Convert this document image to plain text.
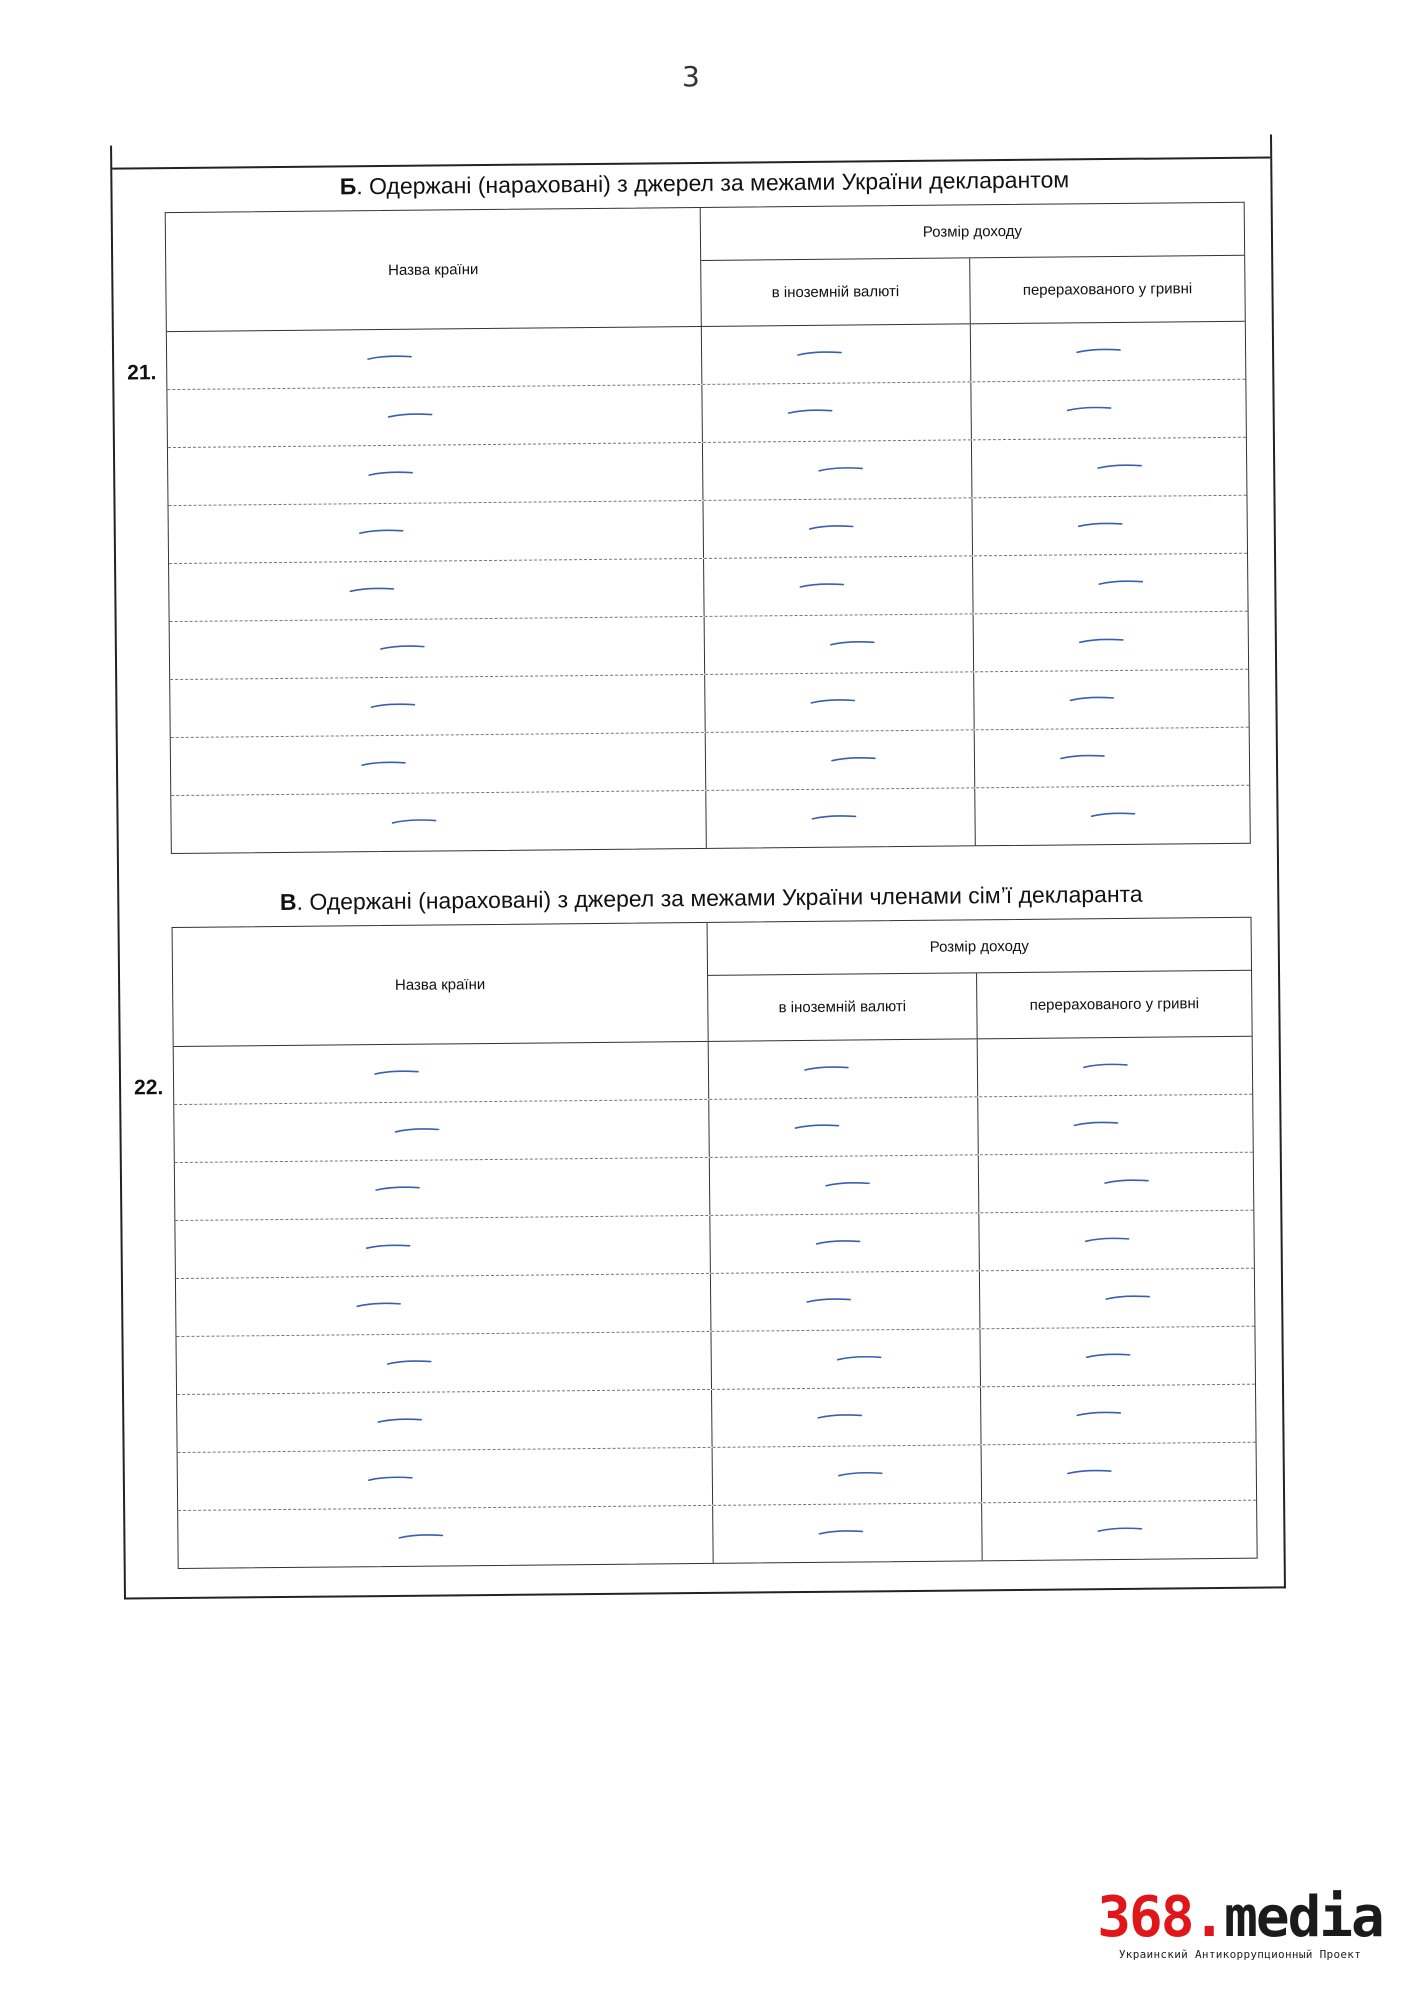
3
Б. Одержані (нараховані) з джерел за межами України декларантом
21.
Назва країни
Розмір доходу
в іноземній валюті	перерахованого у гривні
В. Одержані (нараховані) з джерел за межами України членами сім’ї декларанта
22.
Назва країни
Розмір доходу
в іноземній валюті	перерахованого у гривні
368.media
Украинский Антикоррупционный Проект
